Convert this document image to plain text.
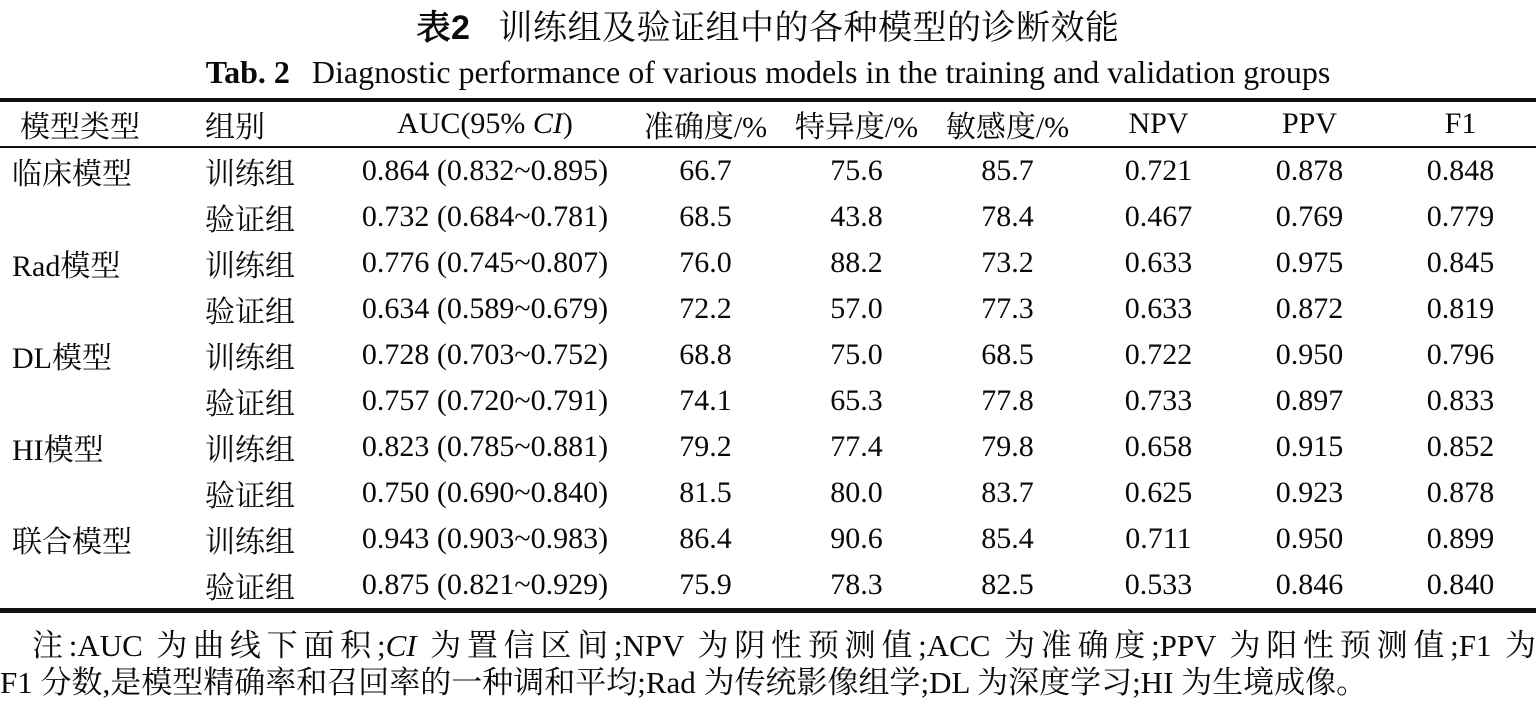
表2 训练组及验证组中的各种模型的诊断效能
Tab. 2 Diagnostic performance of various models in the training and validation groups
模型类型	组别	AUC(95% CI)	准确度/%	特异度/%	敏感度/%	NPV	PPV	F1
临床模型	训练组	0.864 (0.832~0.895)	66.7	75.6	85.7	0.721	0.878	0.848
	验证组	0.732 (0.684~0.781)	68.5	43.8	78.4	0.467	0.769	0.779
Rad模型	训练组	0.776 (0.745~0.807)	76.0	88.2	73.2	0.633	0.975	0.845
	验证组	0.634 (0.589~0.679)	72.2	57.0	77.3	0.633	0.872	0.819
DL模型	训练组	0.728 (0.703~0.752)	68.8	75.0	68.5	0.722	0.950	0.796
	验证组	0.757 (0.720~0.791)	74.1	65.3	77.8	0.733	0.897	0.833
HI模型	训练组	0.823 (0.785~0.881)	79.2	77.4	79.8	0.658	0.915	0.852
	验证组	0.750 (0.690~0.840)	81.5	80.0	83.7	0.625	0.923	0.878
联合模型	训练组	0.943 (0.903~0.983)	86.4	90.6	85.4	0.711	0.950	0.899
	验证组	0.875 (0.821~0.929)	75.9	78.3	82.5	0.533	0.846	0.840
注:AUC 为曲线下面积;CI 为置信区间;NPV 为阴性预测值;ACC 为准确度;PPV 为阳性预测值;F1 为
F1 分数,是模型精确率和召回率的一种调和平均;Rad 为传统影像组学;DL 为深度学习;HI 为生境成像。
